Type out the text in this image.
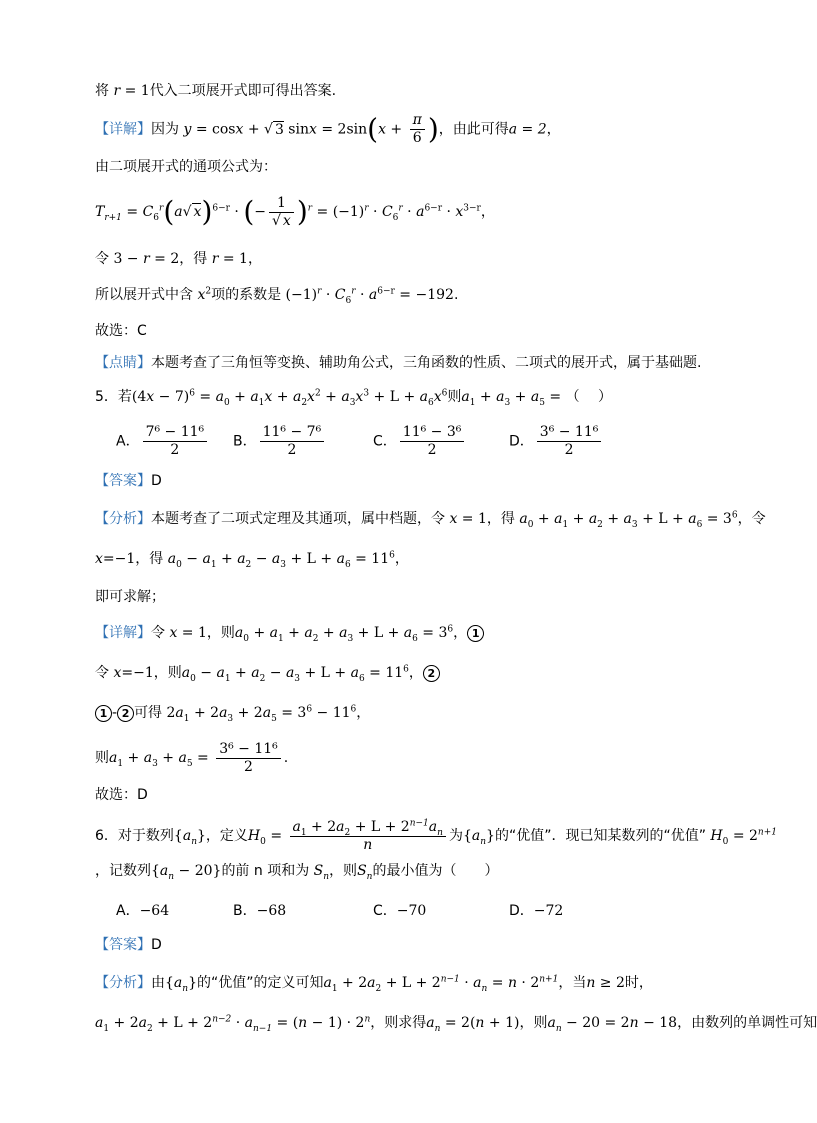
将 r = 1代入二项展开式即可得出答案.
【详解】因为 y = cosx + √ 3 $\sin x = 2\sin(x + \frac{\pi}{6}$ )，由此可得a = 2，
由二项展开式的通项公式为：
$T_{r+1} = C_6^r(a√$ x)$^{6-r}$ · (− $\frac{1}{√ x} )^r = (-1)^r \cdot C_6^r \cdot a^{6-r} \cdot x^{3-r}$，
令 3 − r = 2，得 r = 1，
所以展开式中含 $x^2$项的系数是 $(-1)^r \cdot C_6^r \cdot a^{6-r} = -192$.
故选：C
【点睛】本题考查了三角恒等变换、辅助角公式，三角函数的性质、二项式的展开式，属于基础题.
5．若$(4x - 7)^6 = a_0 + a_1x + a_2x^2 + a_3x^3 + L + a_6x^6$则$a_1 + a_3 + a_5$ = （　 ）
A． $\frac{\text{7⁶ − 11⁶}}{2}$ B． $\frac{\text{11⁶ − 7⁶}}{2}$	C． $\frac{\text{11⁶ − 3⁶}}{2}$	D． $\frac{\text{3⁶ − 11⁶}}{2}$
【答案】D
【分析】本题考查了二项式定理及其通项，属中档题，令 x = 1，得 $a_0 + a_1 + a_2 + a_3 + L + a_6 = 3^6$，令
x=−1，得 $a_0 - a_1 + a_2 - a_3 + L + a_6 = 11^6$，
即可求解；
【详解】令 x = 1，则$a_0 + a_1 + a_2 + a_3 + L + a_6 = 3^6$， 1
令 x=−1，则$a_0 - a_1 + a_2 - a_3 + L + a_6 = 11^6$， 2
1 - 2 可得 $2a_1 + 2a_3 + 2a_5 = 3^6 - 11^6$，
则$a_1 + a_3 + a_5 = \frac{\text{3⁶ − 11⁶}}{2}$ .
故选：D
6．对于数列$\{a_n\}$，定义$H_0 = \frac{a_1 + 2a_2 + L + 2^{n-1}a_n}{n}$ 为$\{a_n\}$的“优值”．现已知某数列的“优值” $H_0 = 2^{n+1}$
，记数列$\{a_n - 20\}$的前 n 项和为 $S_n$，则$S_n$的最小值为（　　）
A．−64	B．−68	C．−70	D．−72
【答案】D
【分析】由$\{a_n\}$的“优值”的定义可知$a_1 + 2a_2 + L + 2^{n-1} \cdot a_n = n \cdot 2^{n+1}$，当n ≥ 2时，
$a_1 + 2a_2 + L + 2^{n-2} \cdot a_{n-1} = (n - 1) \cdot 2^n$，则求得$a_n = 2(n + 1)$，则$a_n - 20 = 2n - 18$，由数列的单调性可知
